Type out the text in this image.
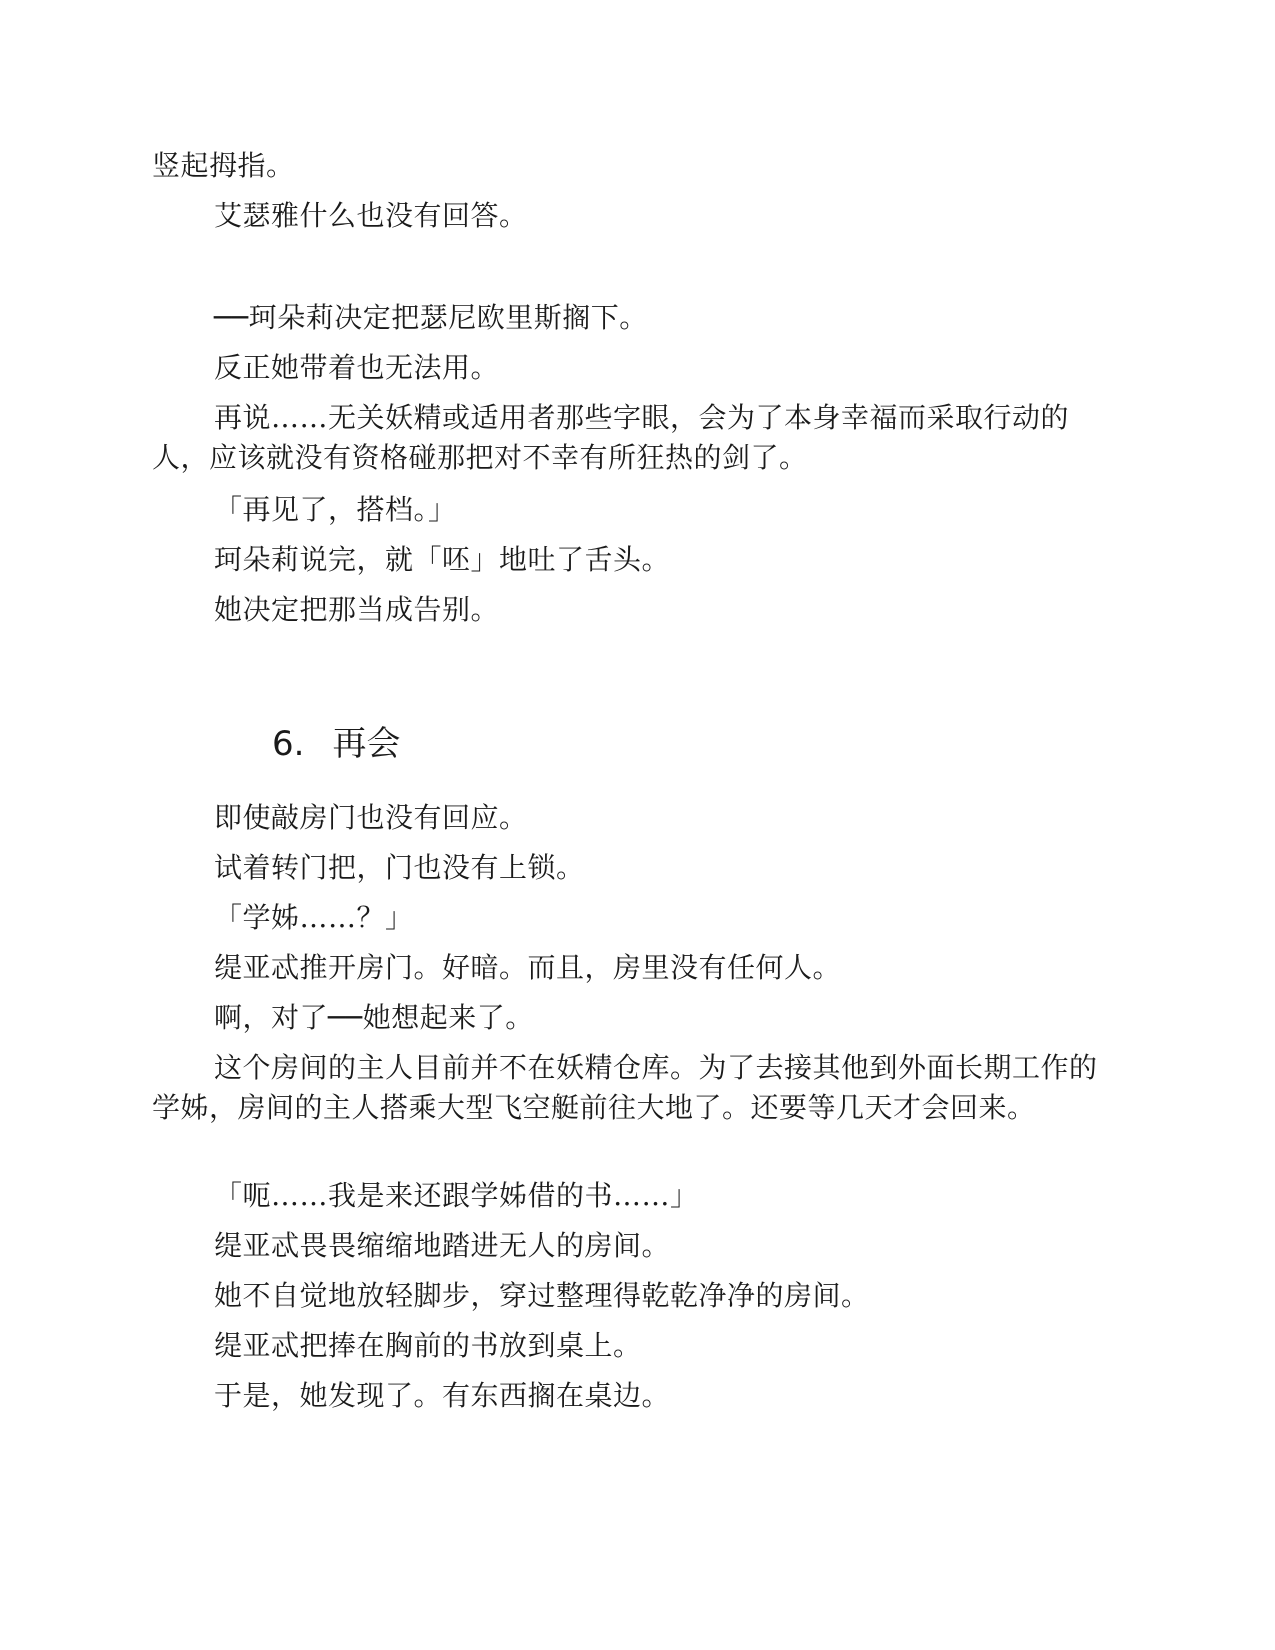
竖起拇指。
艾瑟雅什么也没有回答。
──珂朵莉决定把瑟尼欧里斯搁下。
反正她带着也无法用。
再说……无关妖精或适用者那些字眼，会为了本身幸福而采取行动的人，应该就没有资格碰那把对不幸有所狂热的剑了。
「再见了，搭档。」
珂朵莉说完，就「呸」地吐了舌头。
她决定把那当成告别。
6. 再会
即使敲房门也没有回应。
试着转门把，门也没有上锁。
「学姊……？」
缇亚忒推开房门。好暗。而且，房里没有任何人。
啊，对了──她想起来了。
这个房间的主人目前并不在妖精仓库。为了去接其他到外面长期工作的学姊，房间的主人搭乘大型飞空艇前往大地了。还要等几天才会回来。
「呃……我是来还跟学姊借的书……」
缇亚忒畏畏缩缩地踏进无人的房间。
她不自觉地放轻脚步，穿过整理得乾乾净净的房间。
缇亚忒把捧在胸前的书放到桌上。
于是，她发现了。有东西搁在桌边。
